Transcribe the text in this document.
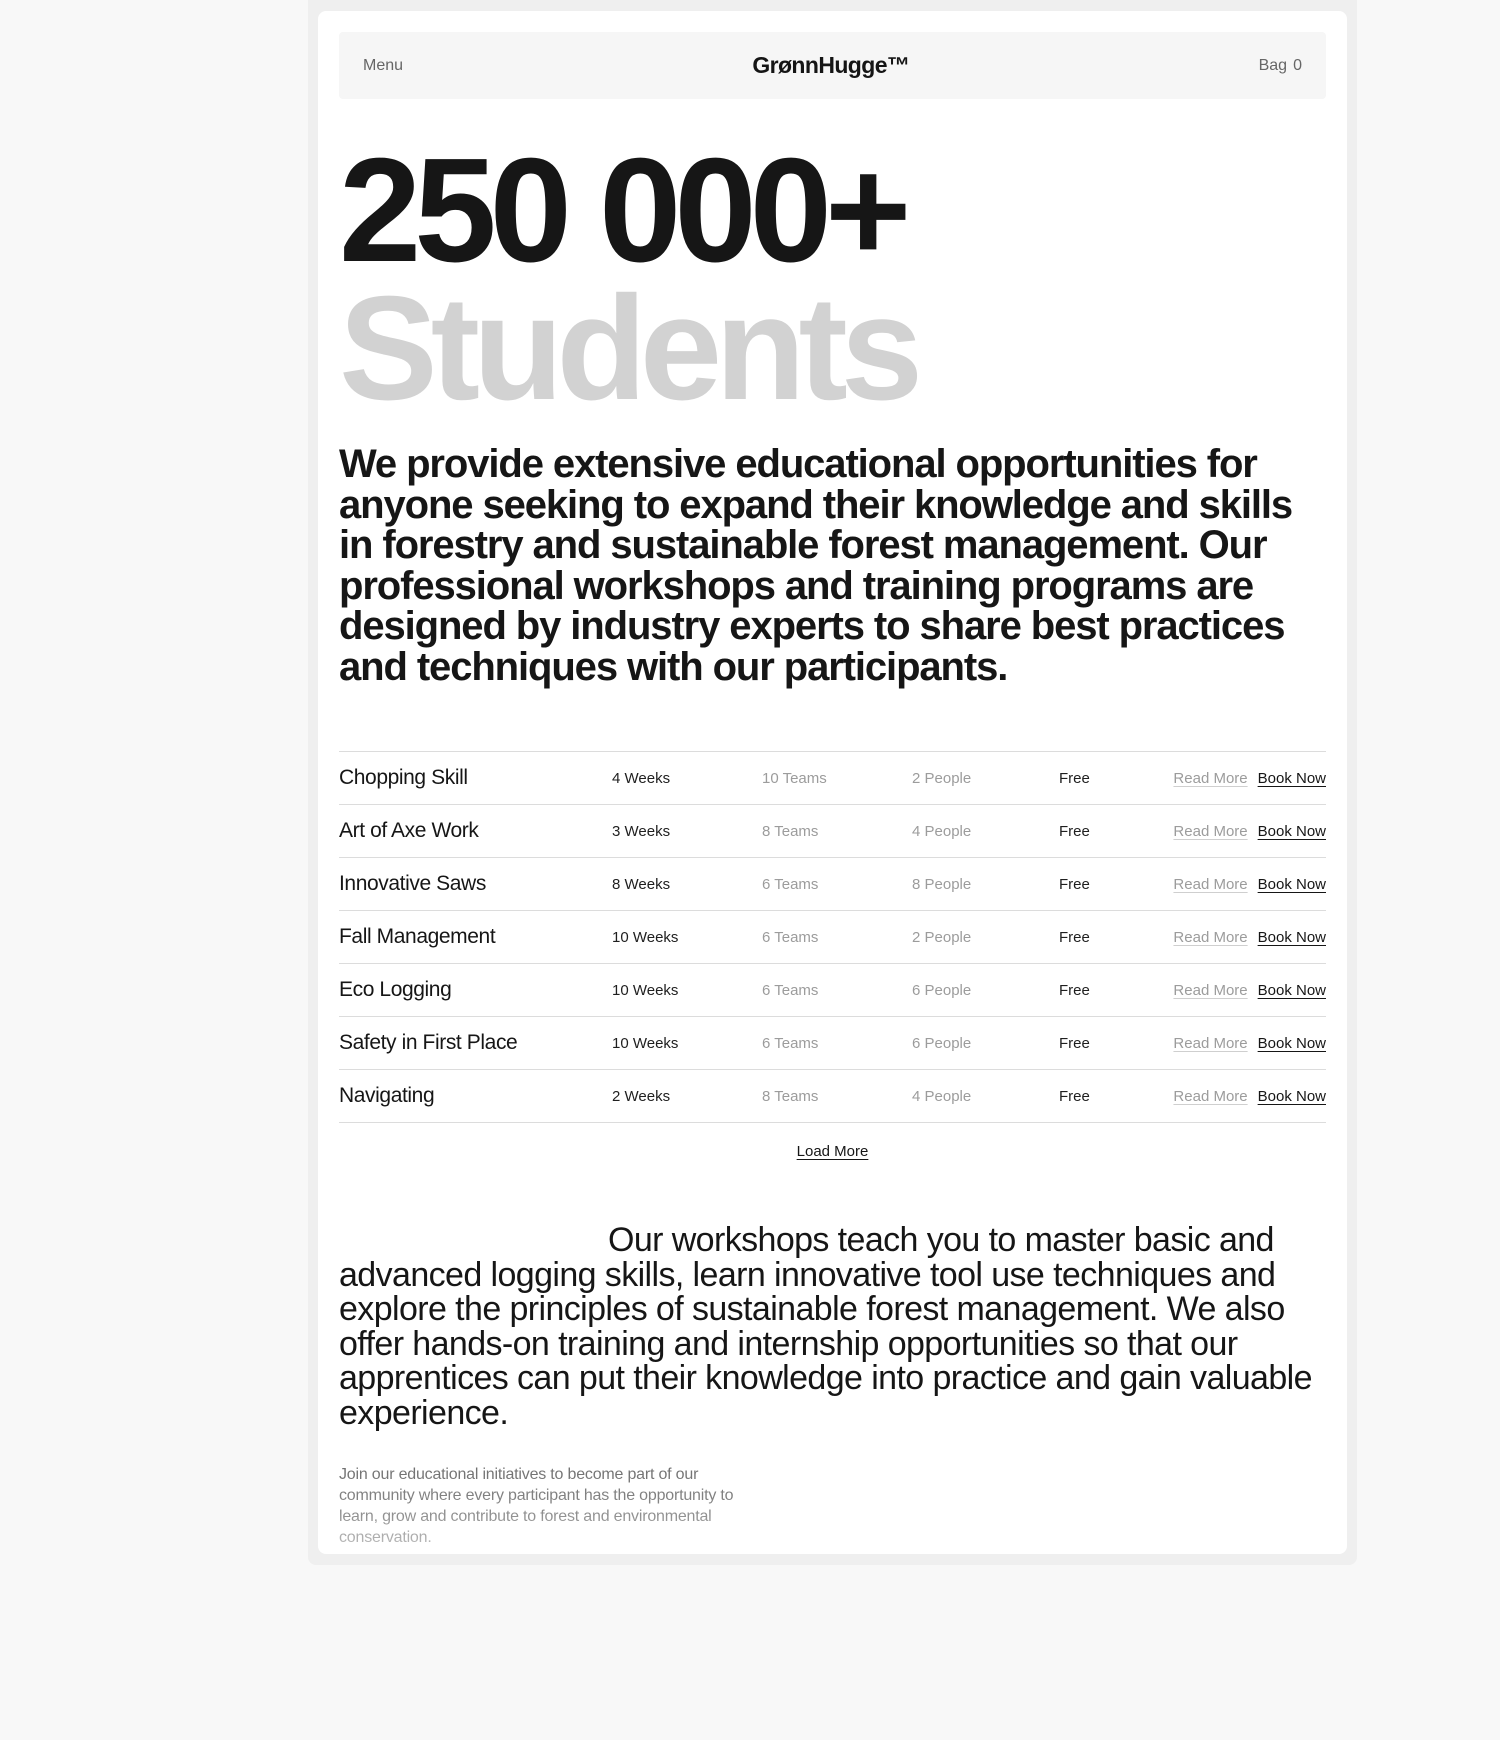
Menu	GrønnHugge™	Bag 0
250 000+
Students

We provide extensive educational opportunities for anyone seeking to expand their knowledge and skills in forestry and sustainable forest management. Our professional workshops and training programs are designed by industry experts to share best practices and techniques with our participants.

Chopping Skill	4 Weeks	10 Teams	2 People	Free	Read More Book Now
Art of Axe Work	3 Weeks	8 Teams	4 People	Free	Read More Book Now
Innovative Saws	8 Weeks	6 Teams	8 People	Free	Read More Book Now
Fall Management	10 Weeks	6 Teams	2 People	Free	Read More Book Now
Eco Logging	10 Weeks	6 Teams	6 People	Free	Read More Book Now
Safety in First Place	10 Weeks	6 Teams	6 People	Free	Read More Book Now
Navigating	2 Weeks	8 Teams	4 People	Free	Read More Book Now
Load More

Our workshops teach you to master basic and advanced logging skills, learn innovative tool use techniques and explore the principles of sustainable forest management. We also offer hands-on training and internship opportunities so that our apprentices can put their knowledge into practice and gain valuable experience.

Join our educational initiatives to become part of our community where every participant has the opportunity to learn, grow and contribute to forest and environmental conservation.
